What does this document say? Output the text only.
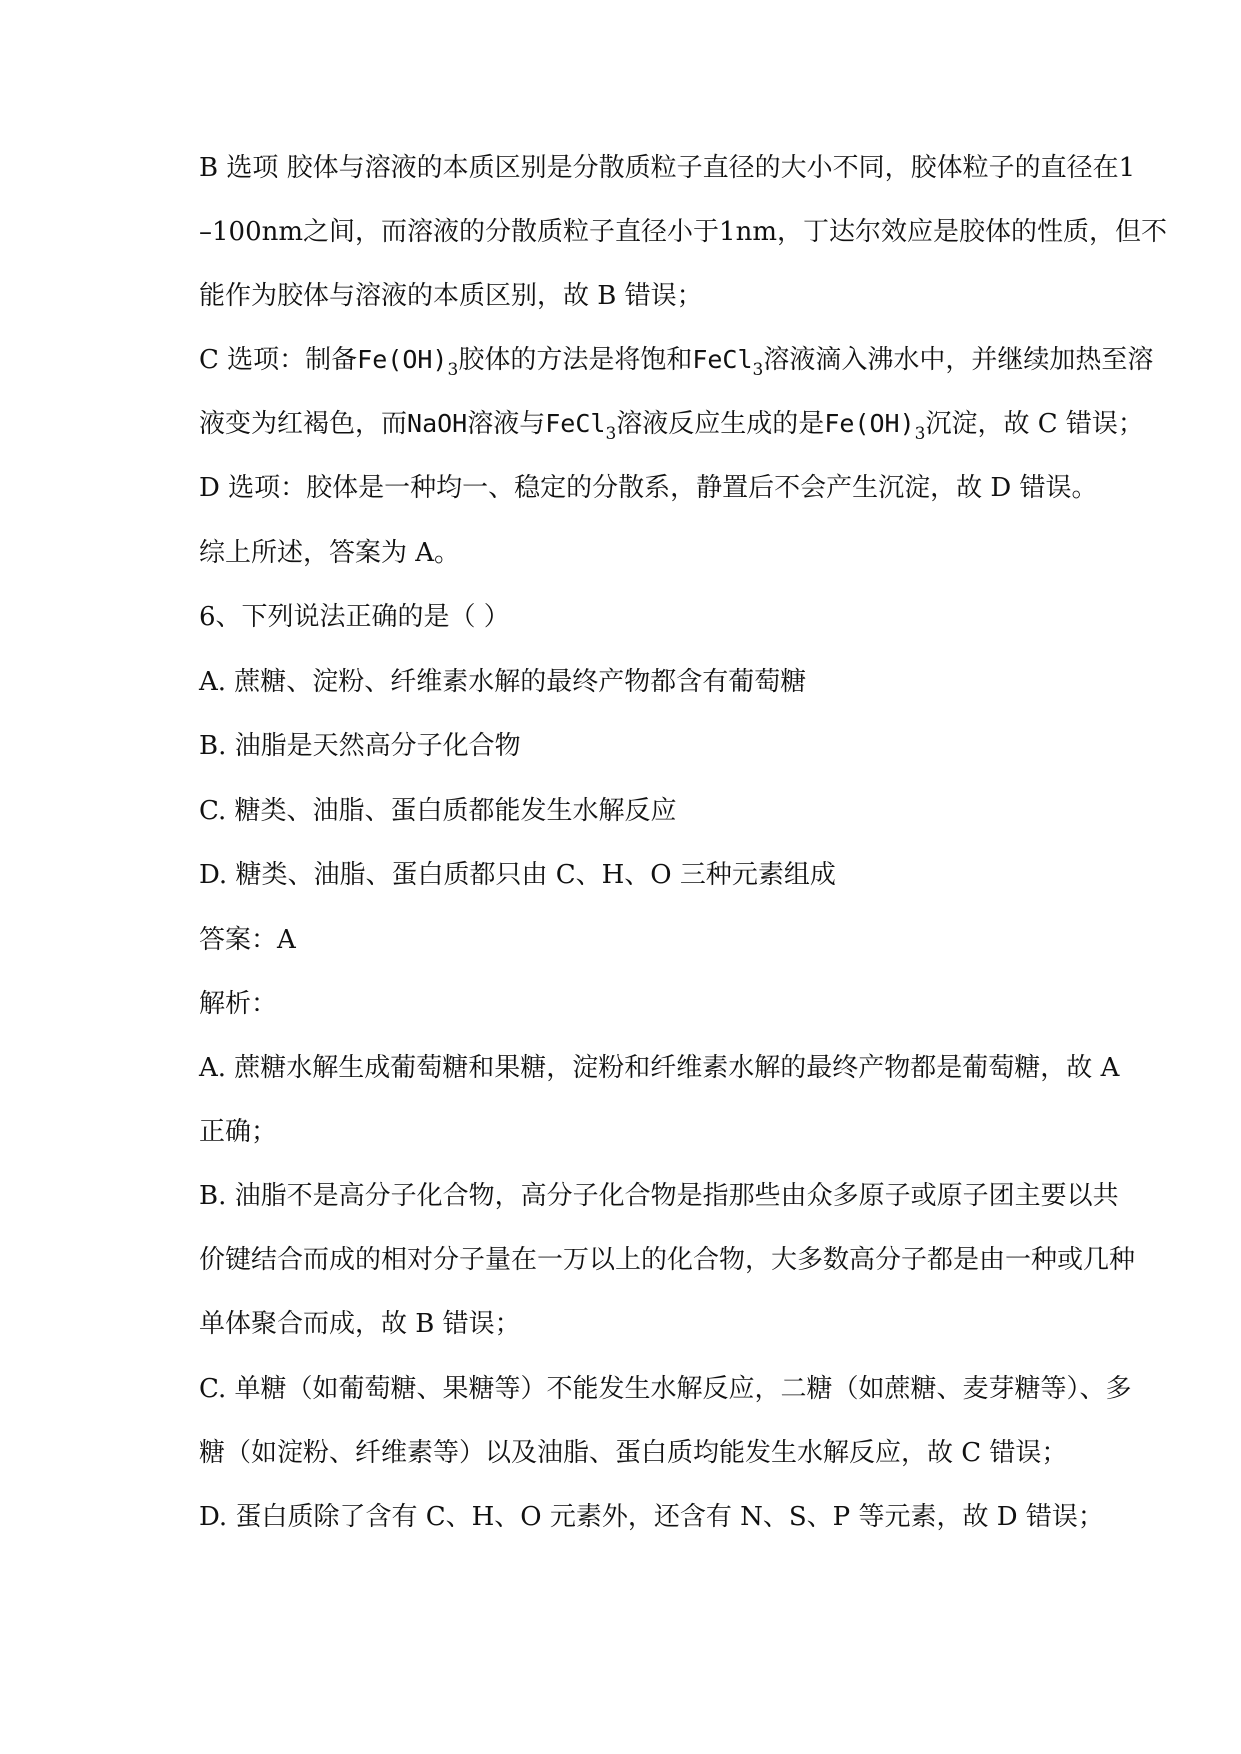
B 选项 胶体与溶液的本质区别是分散质粒子直径的大小不同，胶体粒子的直径在1
–100nm之间，而溶液的分散质粒子直径小于1nm，丁达尔效应是胶体的性质，但不
能作为胶体与溶液的本质区别，故 B 错误；
C 选项：制备$Fe(OH)_3$胶体的方法是将饱和FeCl$_3$溶液滴入沸水中，并继续加热至溶
液变为红褐色，而NaOH溶液与FeCl$_3$溶液反应生成的是$Fe(OH)_3$沉淀，故 C 错误；
D 选项：胶体是一种均一、稳定的分散系，静置后不会产生沉淀，故 D 错误。
综上所述，答案为 A。
6、下列说法正确的是（ ）
A. 蔗糖、淀粉、纤维素水解的最终产物都含有葡萄糖
B. 油脂是天然高分子化合物
C. 糖类、油脂、蛋白质都能发生水解反应
D. 糖类、油脂、蛋白质都只由 C、H、O 三种元素组成
答案：A
解析：
A. 蔗糖水解生成葡萄糖和果糖，淀粉和纤维素水解的最终产物都是葡萄糖，故 A
正确；
B. 油脂不是高分子化合物，高分子化合物是指那些由众多原子或原子团主要以共
价键结合而成的相对分子量在一万以上的化合物，大多数高分子都是由一种或几种
单体聚合而成，故 B 错误；
C. 单糖（如葡萄糖、果糖等）不能发生水解反应，二糖（如蔗糖、麦芽糖等）、多
糖（如淀粉、纤维素等）以及油脂、蛋白质均能发生水解反应，故 C 错误；
D. 蛋白质除了含有 C、H、O 元素外，还含有 N、S、P 等元素，故 D 错误；
